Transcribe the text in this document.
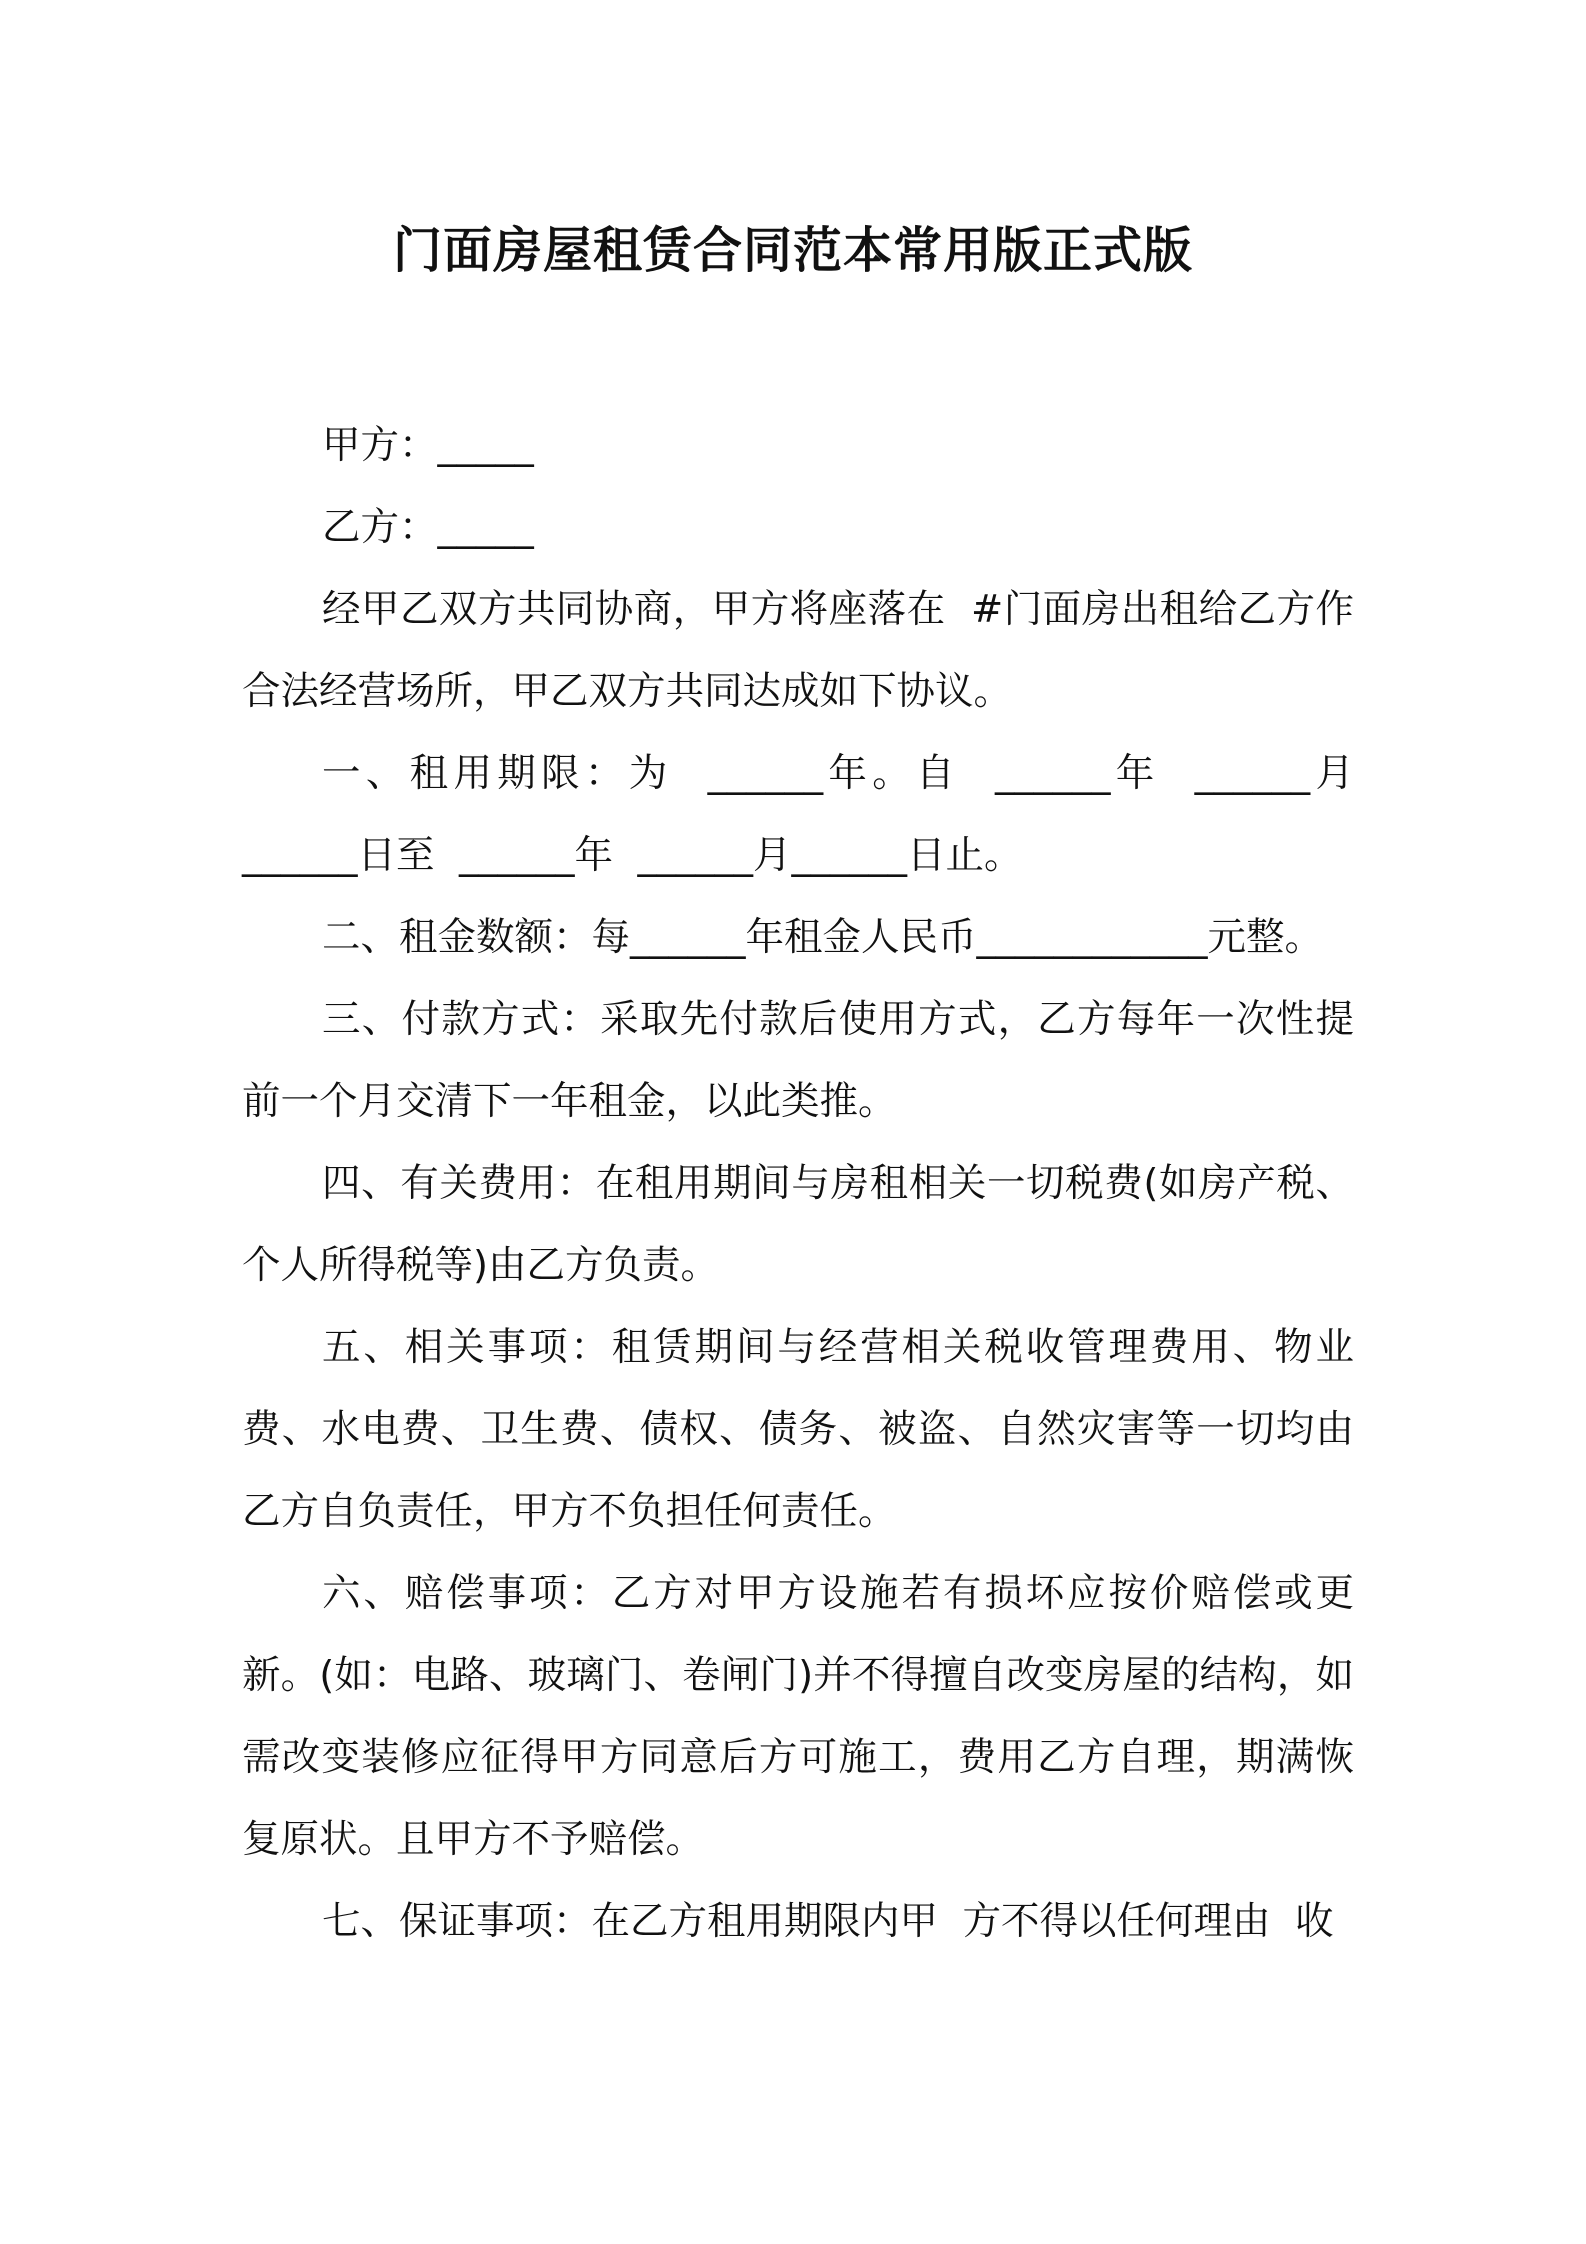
门面房屋租赁合同范本常用版正式版

甲方：_____

乙方：_____

经甲乙双方共同协商，甲方将座落在  #门面房出租给乙方作合法经营场所，甲乙双方共同达成如下协议。

一、租用期限：为  ______年。自  ______年  ______月______日至  ______年  ______月______日止。

二、租金数额：每______年租金人民币____________元整。

三、付款方式：采取先付款后使用方式，乙方每年一次性提前一个月交清下一年租金，以此类推。

四、有关费用：在租用期间与房租相关一切税费(如房产税、个人所得税等)由乙方负责。

五、相关事项：租赁期间与经营相关税收管理费用、物业费、水电费、卫生费、债权、债务、被盗、自然灾害等一切均由乙方自负责任，甲方不负担任何责任。

六、赔偿事项：乙方对甲方设施若有损坏应按价赔偿或更新。(如：电路、玻璃门、卷闸门)并不得擅自改变房屋的结构，如需改变装修应征得甲方同意后方可施工，费用乙方自理，期满恢复原状。且甲方不予赔偿。

七、保证事项：在乙方租用期限内甲  方不得以任何理由  收
